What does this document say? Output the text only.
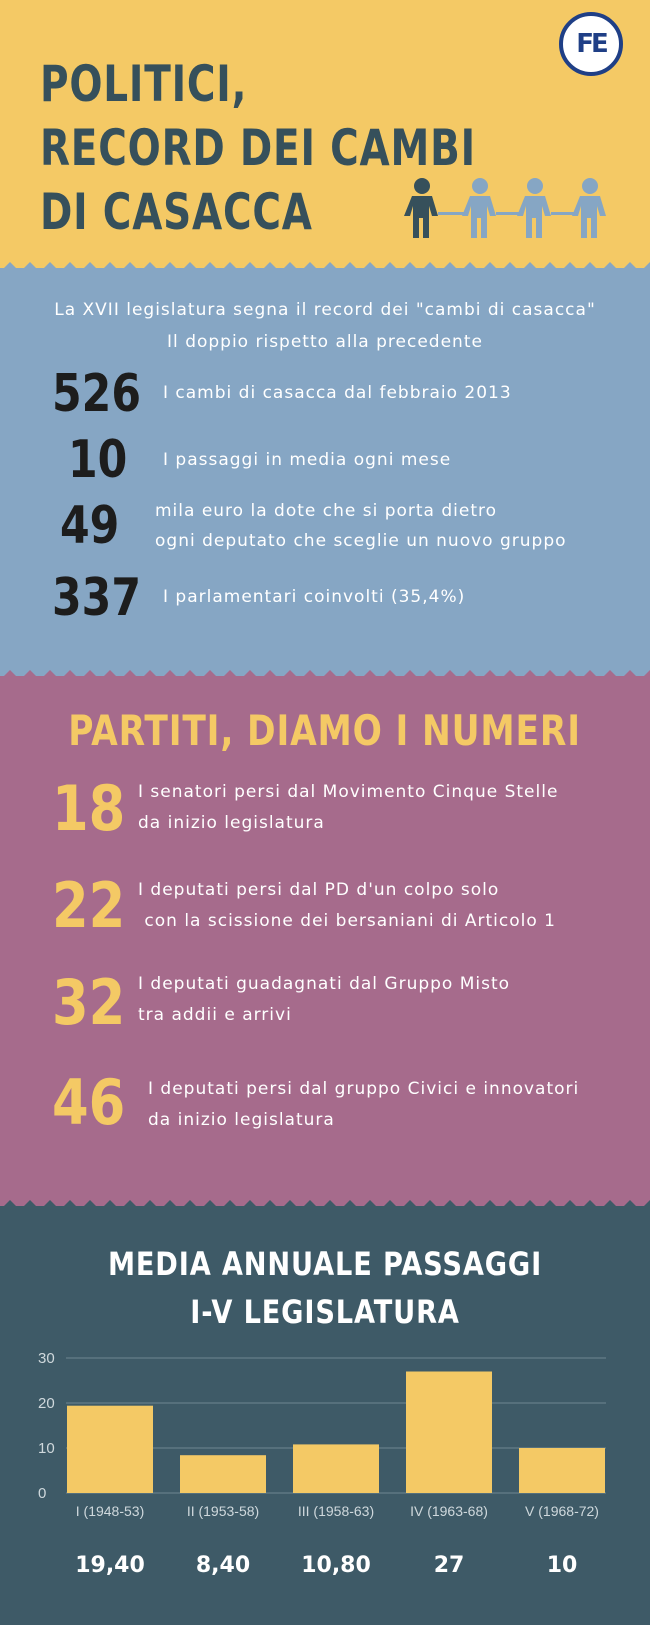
POLITICI,
RECORD DEI CAMBI
DI CASACCA
FE
La XVII legislatura segna il record dei "cambi di casacca"
Il doppio rispetto alla precedente
526 I cambi di casacca dal febbraio 2013
10 I passaggi in media ogni mese
49 mila euro la dote che si porta dietro
ogni deputato che sceglie un nuovo gruppo
337 I parlamentari coinvolti (35,4%)
PARTITI, DIAMO I NUMERI
18 I senatori persi dal Movimento Cinque Stelle
da inizio legislatura
22 I deputati persi dal PD d'un colpo solo
con la scissione dei bersaniani di Articolo 1
32 I deputati guadagnati dal Gruppo Misto
tra addii e arrivi
46 I deputati persi dal gruppo Civici e innovatori
da inizio legislatura
MEDIA ANNUALE PASSAGGI
I-V LEGISLATURA
0
10
20
30
I (1948-53)
19,40
II (1953-58)
8,40
III (1958-63)
10,80
IV (1963-68)
27
V (1968-72)
10
